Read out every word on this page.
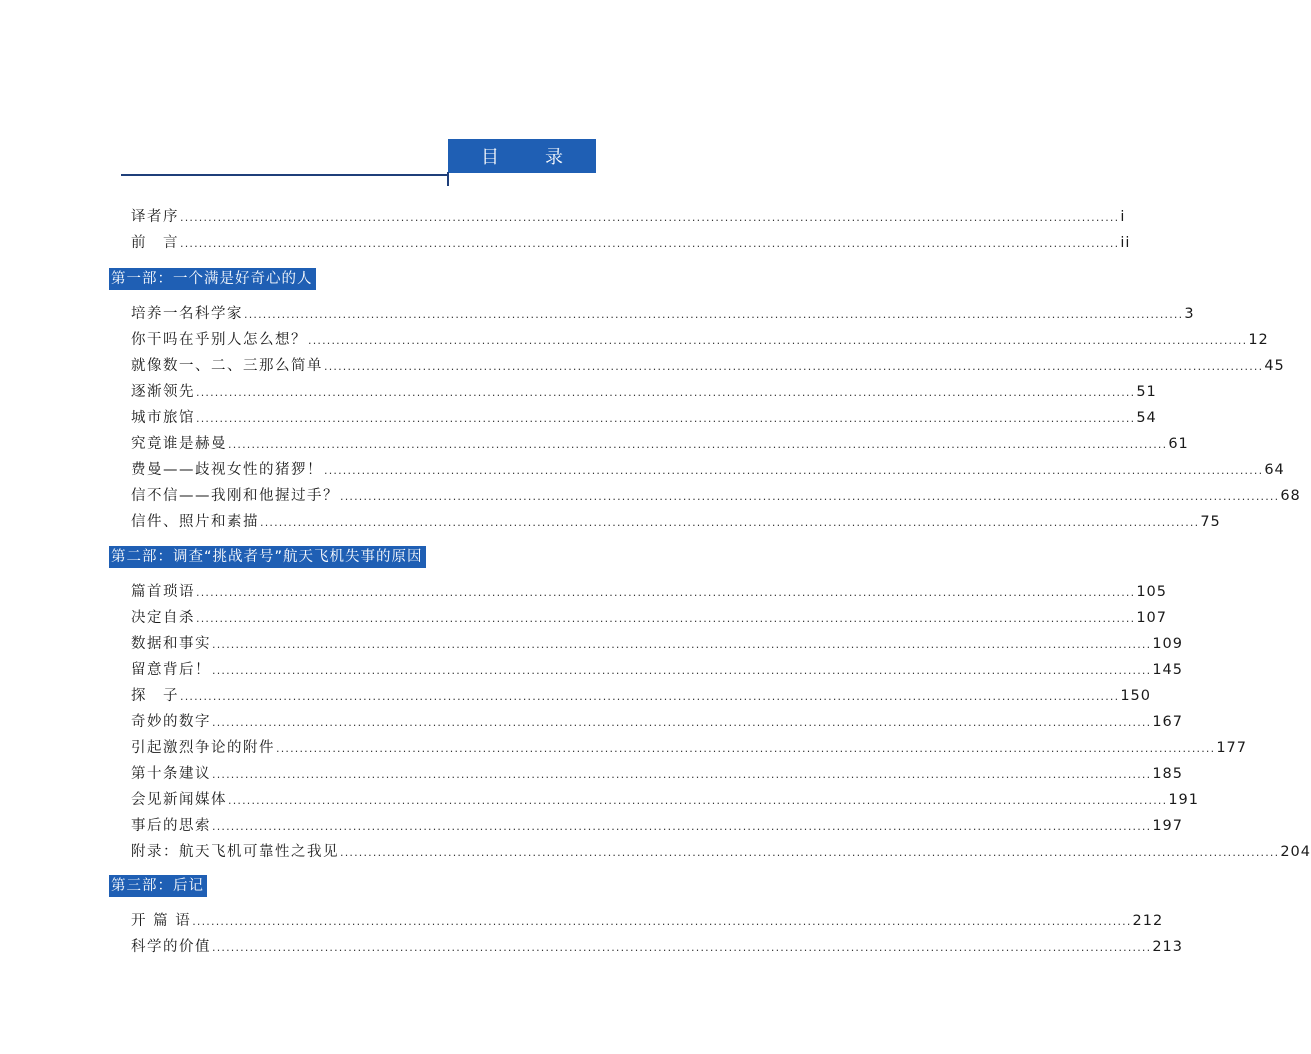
目	录
译者序 ........................................................................................................................................................................................................ i
前　言 ........................................................................................................................................................................................................ ii
第一部：一个满是好奇心的人
培养一名科学家 ........................................................................................................................................................................................................ 3
你干吗在乎别人怎么想？ ........................................................................................................................................................................................................ 12
就像数一、二、三那么简单 ........................................................................................................................................................................................................ 45
逐渐领先 ........................................................................................................................................................................................................ 51
城市旅馆 ........................................................................................................................................................................................................ 54
究竟谁是赫曼 ........................................................................................................................................................................................................ 61
费曼——歧视女性的猪猡！ ........................................................................................................................................................................................................ 64
信不信——我刚和他握过手？ ........................................................................................................................................................................................................ 68
信件、照片和素描 ........................................................................................................................................................................................................ 75
第二部：调查“挑战者号”航天飞机失事的原因
篇首琐语 ........................................................................................................................................................................................................ 105
决定自杀 ........................................................................................................................................................................................................ 107
数据和事实 ........................................................................................................................................................................................................ 109
留意背后！ ........................................................................................................................................................................................................ 145
探　子 ........................................................................................................................................................................................................ 150
奇妙的数字 ........................................................................................................................................................................................................ 167
引起激烈争论的附件 ........................................................................................................................................................................................................ 177
第十条建议 ........................................................................................................................................................................................................ 185
会见新闻媒体 ........................................................................................................................................................................................................ 191
事后的思索 ........................................................................................................................................................................................................ 197
附录：航天飞机可靠性之我见 ........................................................................................................................................................................................................ 204
第三部：后记
开 篇 语 ........................................................................................................................................................................................................ 212
科学的价值 ........................................................................................................................................................................................................ 213
